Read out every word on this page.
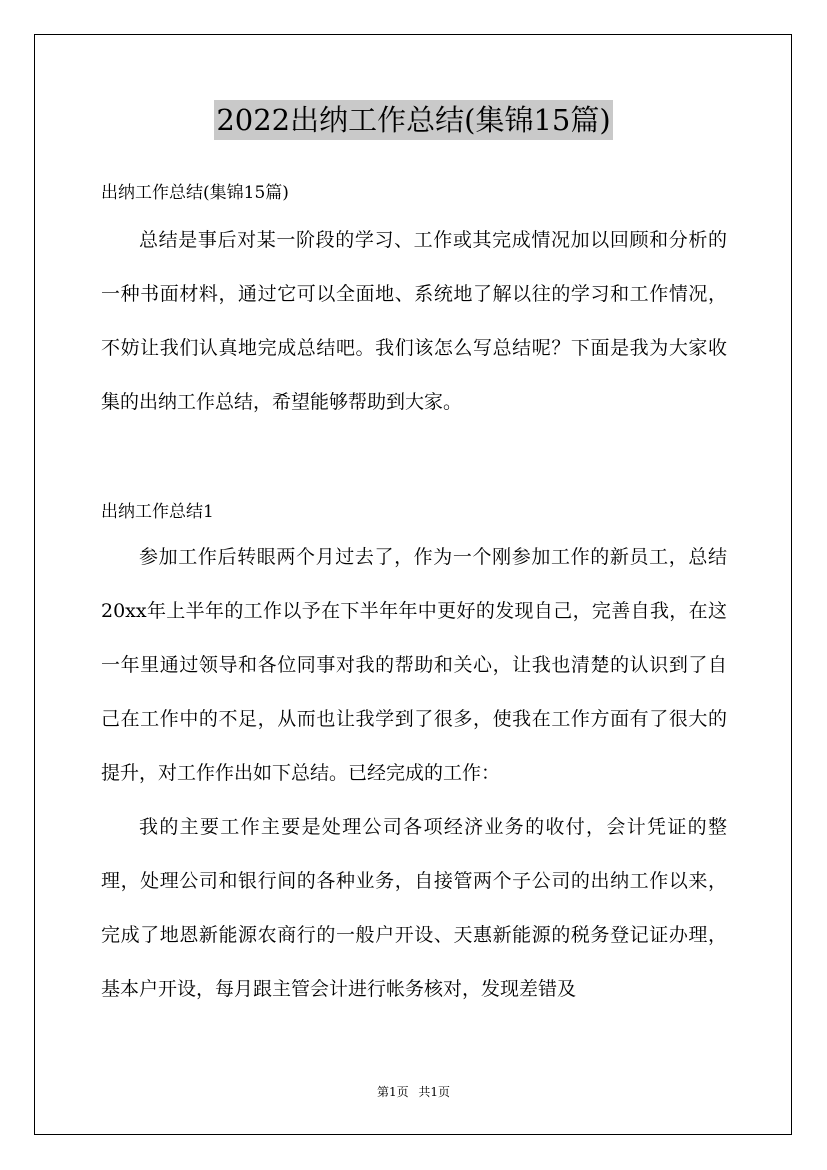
2022出纳工作总结(集锦15篇)

出纳工作总结(集锦15篇)

总结是事后对某一阶段的学习、工作或其完成情况加以回顾和分析的一种书面材料，通过它可以全面地、系统地了解以往的学习和工作情况，不妨让我们认真地完成总结吧。我们该怎么写总结呢？下面是我为大家收集的出纳工作总结，希望能够帮助到大家。

出纳工作总结1

参加工作后转眼两个月过去了，作为一个刚参加工作的新员工，总结20xx年上半年的工作以予在下半年年中更好的发现自己，完善自我，在这一年里通过领导和各位同事对我的帮助和关心，让我也清楚的认识到了自己在工作中的不足，从而也让我学到了很多，使我在工作方面有了很大的提升，对工作作出如下总结。已经完成的工作：

我的主要工作主要是处理公司各项经济业务的收付，会计凭证的整理，处理公司和银行间的各种业务，自接管两个子公司的出纳工作以来，完成了地恩新能源农商行的一般户开设、天惠新能源的税务登记证办理，基本户开设，每月跟主管会计进行帐务核对，发现差错及

第1页 共1页
